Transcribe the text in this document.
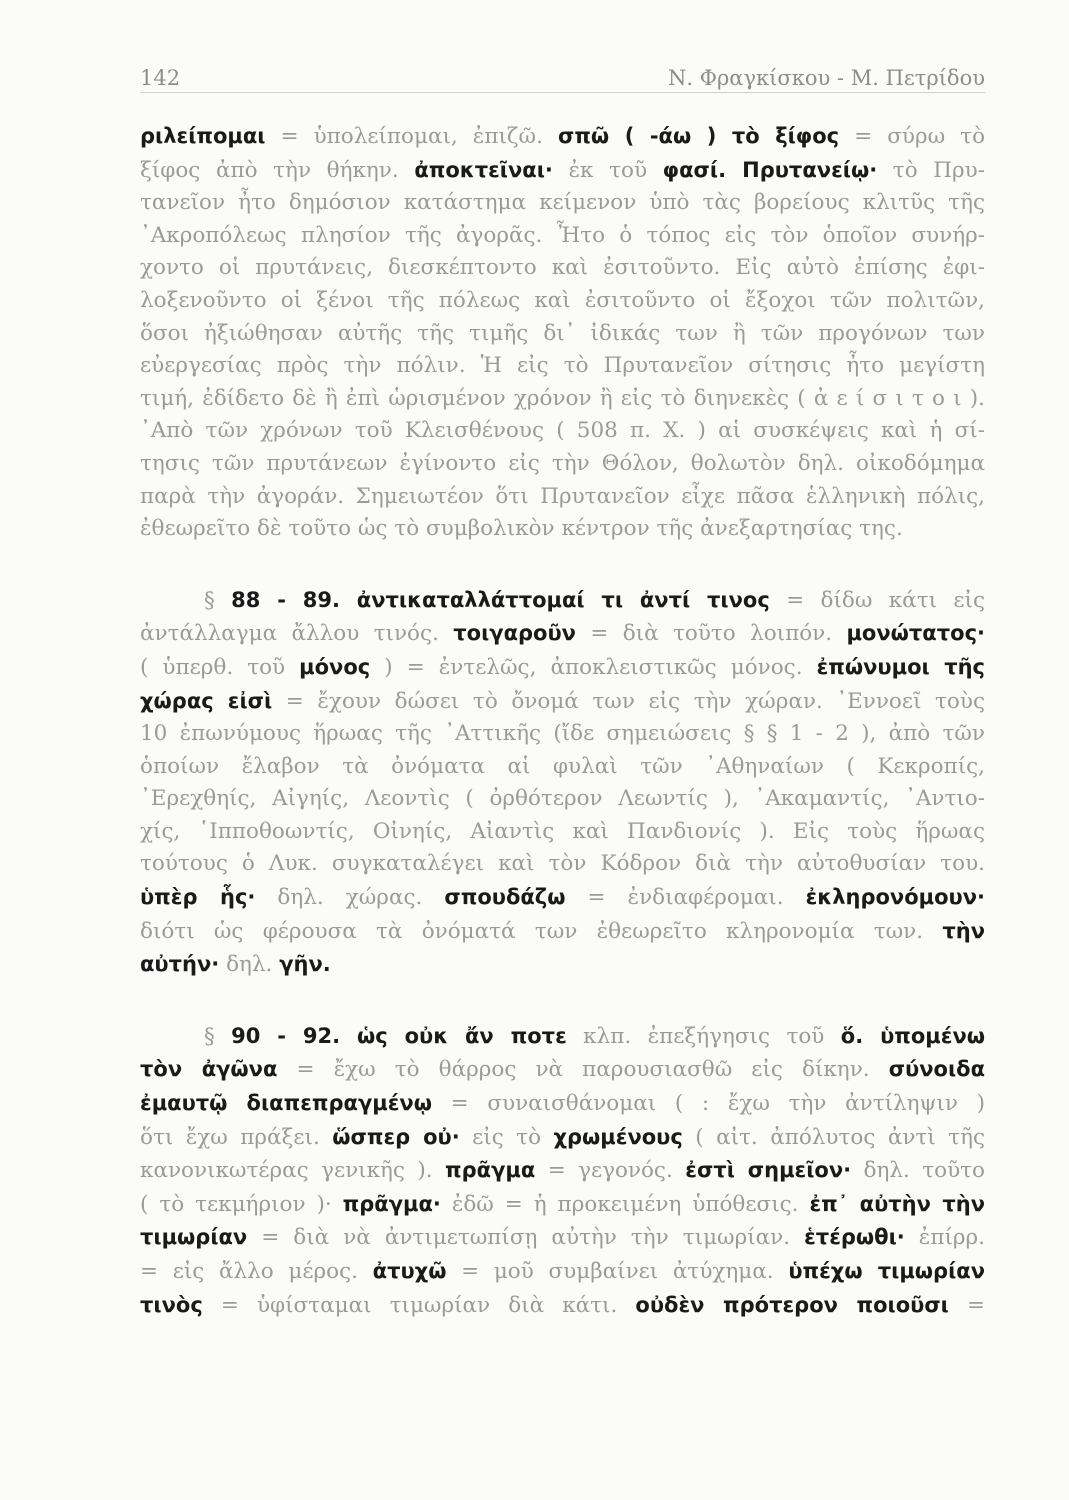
142	Ν. Φραγκίσκου - Μ. Πετρίδου
ριλείπομαι = ὑπολείπομαι, ἐπιζῶ. σπῶ ( -άω ) τὸ ξίφος = σύρω τὸ
ξίφος ἀπὸ τὴν θήκην. ἀποκτεῖναι· ἐκ τοῦ φασί. Πρυτανείῳ· τὸ Πρυ-
τανεῖον ἦτο δημόσιον κατάστημα κείμενον ὑπὸ τὰς βορείους κλιτῦς τῆς
᾿Ακροπόλεως πλησίον τῆς ἀγορᾶς. Ἦτο ὁ τόπος εἰς τὸν ὁποῖον συνήρ-
χοντο οἱ πρυτάνεις, διεσκέπτοντο καὶ ἐσιτοῦντο. Εἰς αὐτὸ ἐπίσης ἐφι-
λοξενοῦντο οἱ ξένοι τῆς πόλεως καὶ ἐσιτοῦντο οἱ ἔξοχοι τῶν πολιτῶν,
ὅσοι ἠξιώθησαν αὐτῆς τῆς τιμῆς δι᾿ ἰδικάς των ἢ τῶν προγόνων των
εὐεργεσίας πρὸς τὴν πόλιν. Ἡ εἰς τὸ Πρυτανεῖον σίτησις ἦτο μεγίστη
τιμή, ἐδίδετο δὲ ἢ ἐπὶ ὡρισμένον χρόνον ἢ εἰς τὸ διηνεκὲς ( ἀ ε ί σ ι τ ο ι ).
᾿Απὸ τῶν χρόνων τοῦ Κλεισθένους ( 508 π. Χ. ) αἱ συσκέψεις καὶ ἡ σί-
τησις τῶν πρυτάνεων ἐγίνοντο εἰς τὴν Θόλον, θολωτὸν δηλ. οἰκοδόμημα
παρὰ τὴν ἀγοράν. Σημειωτέον ὅτι Πρυτανεῖον εἶχε πᾶσα ἑλληνικὴ πόλις,
ἐθεωρεῖτο δὲ τοῦτο ὡς τὸ συμβολικὸν κέντρον τῆς ἀνεξαρτησίας της.
§ 88 - 89. ἀντικαταλλάττομαί τι ἀντί τινος = δίδω κάτι εἰς
ἀντάλλαγμα ἄλλου τινός. τοιγαροῦν = διὰ τοῦτο λοιπόν. μονώτατος·
( ὑπερθ. τοῦ μόνος ) = ἐντελῶς, ἀποκλειστικῶς μόνος. ἐπώνυμοι τῆς
χώρας εἰσὶ = ἔχουν δώσει τὸ ὄνομά των εἰς τὴν χώραν. ᾿Εννοεῖ τοὺς
10 ἐπωνύμους ἥρωας τῆς ᾿Αττικῆς (ἴδε σημειώσεις § § 1 - 2 ), ἀπὸ τῶν
ὁποίων ἔλαβον τὰ ὀνόματα αἱ φυλαὶ τῶν ᾿Αθηναίων ( Κεκροπίς,
᾿Ερεχθηίς, Αἰγηίς, Λεοντὶς ( ὀρθότερον Λεωντίς ), ᾿Ακαμαντίς, ᾿Αντιο-
χίς, ῾Ιπποθοωντίς, Οἰνηίς, Αἰαντὶς καὶ Πανδιονίς ). Εἰς τοὺς ἥρωας
τούτους ὁ Λυκ. συγκαταλέγει καὶ τὸν Κόδρον διὰ τὴν αὐτοθυσίαν του.
ὑπὲρ ἧς· δηλ. χώρας. σπουδάζω = ἐνδιαφέρομαι. ἐκληρονόμουν·
διότι ὡς φέρουσα τὰ ὀνόματά των ἐθεωρεῖτο κληρονομία των. τὴν
αὐτήν· δηλ. γῆν.
§ 90 - 92. ὡς οὐκ ἄν ποτε κλπ. ἐπεξήγησις τοῦ ὅ. ὑπομένω
τὸν ἀγῶνα = ἔχω τὸ θάρρος νὰ παρουσιασθῶ εἰς δίκην. σύνοιδα
ἐμαυτῷ διαπεπραγμένῳ = συναισθάνομαι ( : ἔχω τὴν ἀντίληψιν )
ὅτι ἔχω πράξει. ὥσπερ οὐ· εἰς τὸ χρωμένους ( αἰτ. ἀπόλυτος ἀντὶ τῆς
κανονικωτέρας γενικῆς ). πρᾶγμα = γεγονός. ἐστὶ σημεῖον· δηλ. τοῦτο
( τὸ τεκμήριον )· πρᾶγμα· ἐδῶ = ἡ προκειμένη ὑπόθεσις. ἐπ᾿ αὐτὴν τὴν
τιμωρίαν = διὰ νὰ ἀντιμετωπίσῃ αὐτὴν τὴν τιμωρίαν. ἑτέρωθι· ἐπίρρ.
= εἰς ἄλλο μέρος. ἀτυχῶ = μοῦ συμβαίνει ἀτύχημα. ὑπέχω τιμωρίαν
τινὸς = ὑφίσταμαι τιμωρίαν διὰ κάτι. οὐδὲν πρότερον ποιοῦσι =
